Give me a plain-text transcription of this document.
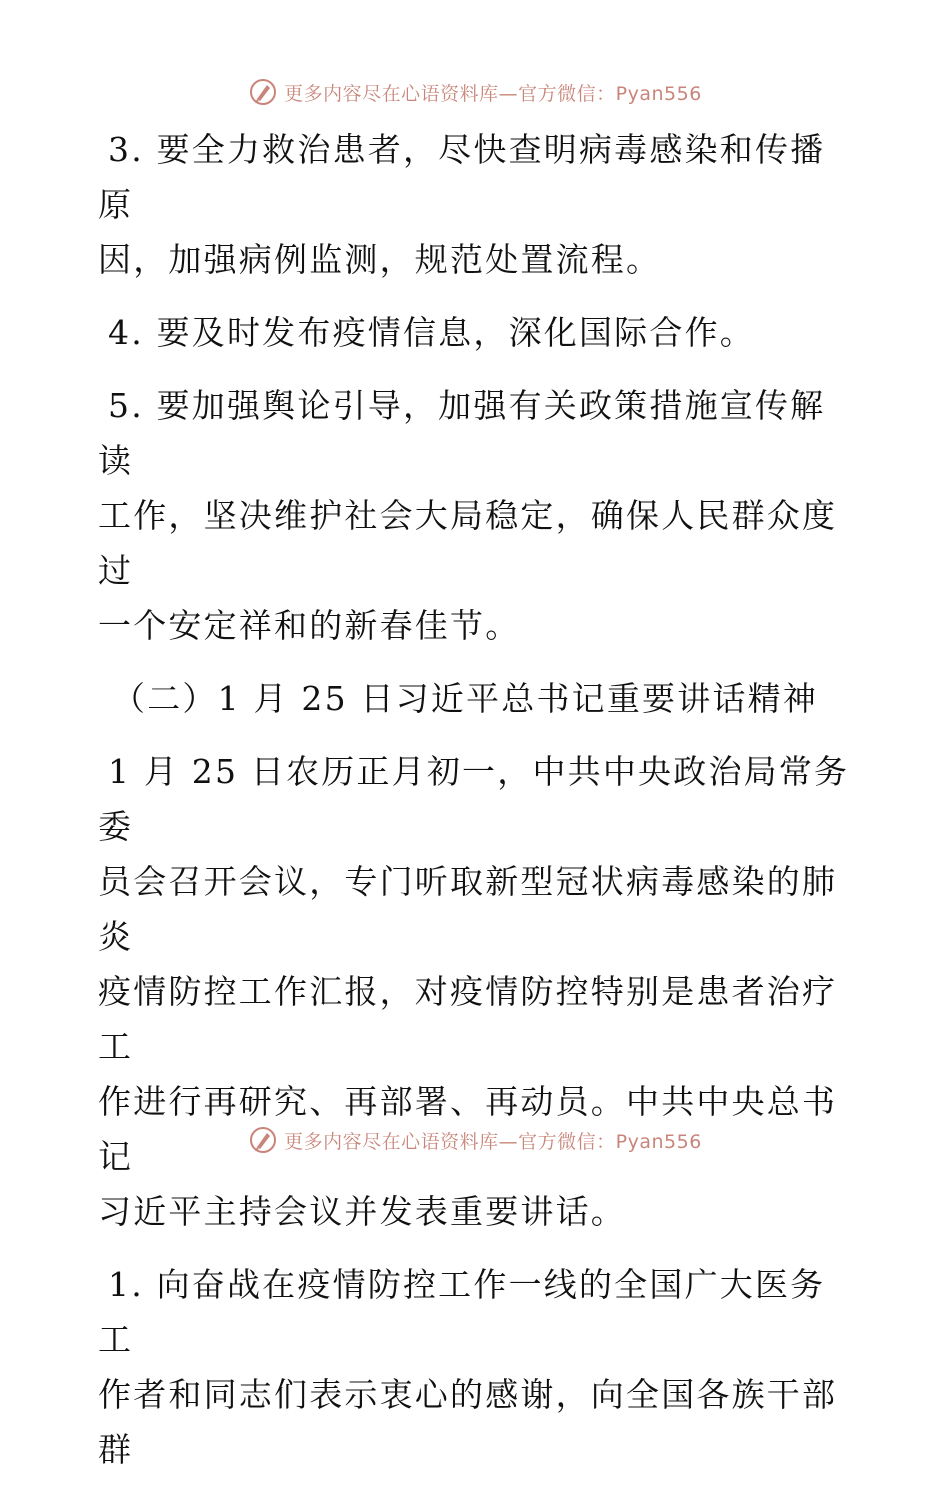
更多内容尽在心语资料库—官方微信：Pyan556

3. 要全力救治患者，尽快查明病毒感染和传播原
因，加强病例监测，规范处置流程。

4. 要及时发布疫情信息，深化国际合作。

5. 要加强舆论引导，加强有关政策措施宣传解读
工作，坚决维护社会大局稳定，确保人民群众度过
一个安定祥和的新春佳节。

（二）1 月 25 日习近平总书记重要讲话精神

1 月 25 日农历正月初一，中共中央政治局常务委
员会召开会议，专门听取新型冠状病毒感染的肺炎
疫情防控工作汇报，对疫情防控特别是患者治疗工
作进行再研究、再部署、再动员。中共中央总书记
习近平主持会议并发表重要讲话。

1. 向奋战在疫情防控工作一线的全国广大医务工
作者和同志们表示衷心的感谢，向全国各族干部群

更多内容尽在心语资料库—官方微信：Pyan556
